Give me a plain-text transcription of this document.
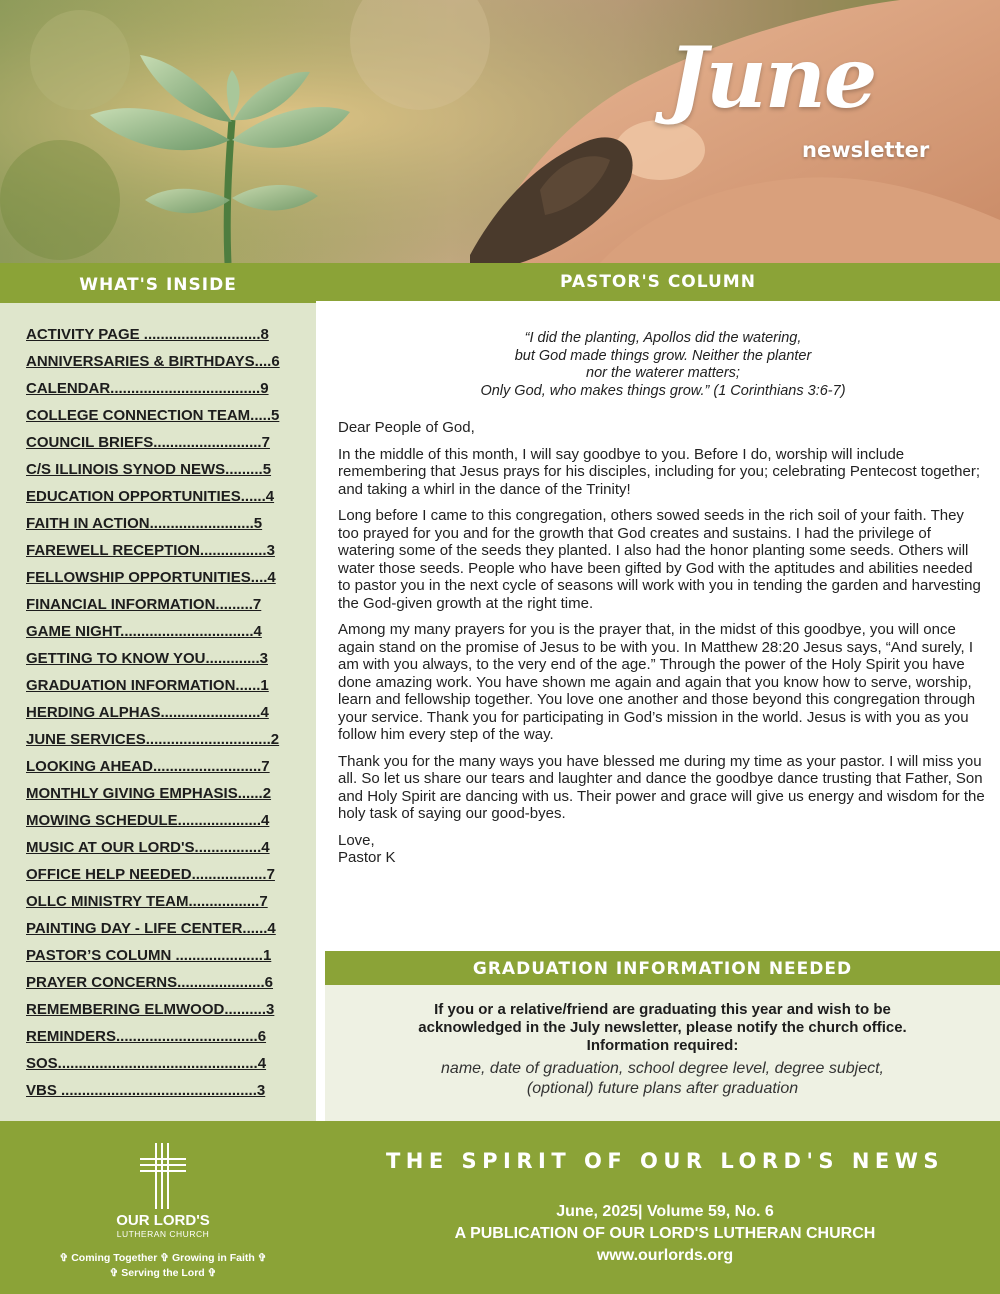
June
newsletter
WHAT'S INSIDE
ACTIVITY PAGE ............................8
ANNIVERSARIES & BIRTHDAYS....6
CALENDAR....................................9
COLLEGE CONNECTION TEAM.....5
COUNCIL BRIEFS..........................7
C/S ILLINOIS SYNOD NEWS.........5
EDUCATION OPPORTUNITIES......4
FAITH IN ACTION.........................5
FAREWELL RECEPTION................3
FELLOWSHIP OPPORTUNITIES....4
FINANCIAL INFORMATION.........7
GAME NIGHT................................4
GETTING TO KNOW YOU.............3
GRADUATION INFORMATION......1
HERDING ALPHAS........................4
JUNE SERVICES..............................2
LOOKING AHEAD..........................7
MONTHLY GIVING EMPHASIS......2
MOWING SCHEDULE....................4
MUSIC AT OUR LORD'S................4
OFFICE HELP NEEDED..................7
OLLC MINISTRY TEAM.................7
PAINTING DAY - LIFE CENTER......4
PASTOR’S COLUMN .....................1
PRAYER CONCERNS.....................6
REMEMBERING ELMWOOD..........3
REMINDERS..................................6
SOS................................................4
VBS ...............................................3
PASTOR'S COLUMN
“I did the planting, Apollos did the watering,
but God made things grow. Neither the planter
nor the waterer matters;
Only God, who makes things grow.” (1 Corinthians 3:6-7)

Dear People of God,

In the middle of this month, I will say goodbye to you. Before I do, worship will include remembering that Jesus prays for his disciples, including for you; celebrating Pentecost together; and taking a whirl in the dance of the Trinity!

Long before I came to this congregation, others sowed seeds in the rich soil of your faith. They too prayed for you and for the growth that God creates and sustains. I had the privilege of watering some of the seeds they planted. I also had the honor planting some seeds. Others will water those seeds. People who have been gifted by God with the aptitudes and abilities needed to pastor you in the next cycle of seasons will work with you in tending the garden and harvesting the God-given growth at the right time.

Among my many prayers for you is the prayer that, in the midst of this goodbye, you will once again stand on the promise of Jesus to be with you. In Matthew 28:20 Jesus says, “And surely, I am with you always, to the very end of the age.” Through the power of the Holy Spirit you have done amazing work. You have shown me again and again that you know how to serve, worship, learn and fellowship together. You love one another and those beyond this congregation through your service. Thank you for participating in God’s mission in the world. Jesus is with you as you follow him every step of the way.

Thank you for the many ways you have blessed me during my time as your pastor. I will miss you all. So let us share our tears and laughter and dance the goodbye dance trusting that Father, Son and Holy Spirit are dancing with us. Their power and grace will give us energy and wisdom for the holy task of saying our good-byes.

Love,

Pastor K

GRADUATION INFORMATION NEEDED
If you or a relative/friend are graduating this year and wish to be
acknowledged in the July newsletter, please notify the church office.
Information required:
name, date of graduation, school degree level, degree subject,
(optional) future plans after graduation
OUR LORD'S
LUTHERAN CHURCH
✞ Coming Together ✞ Growing in Faith ✞
✞ Serving the Lord ✞
THE SPIRIT OF OUR LORD'S NEWS
June, 2025| Volume 59, No. 6
A PUBLICATION OF OUR LORD'S LUTHERAN CHURCH
www.ourlords.org
